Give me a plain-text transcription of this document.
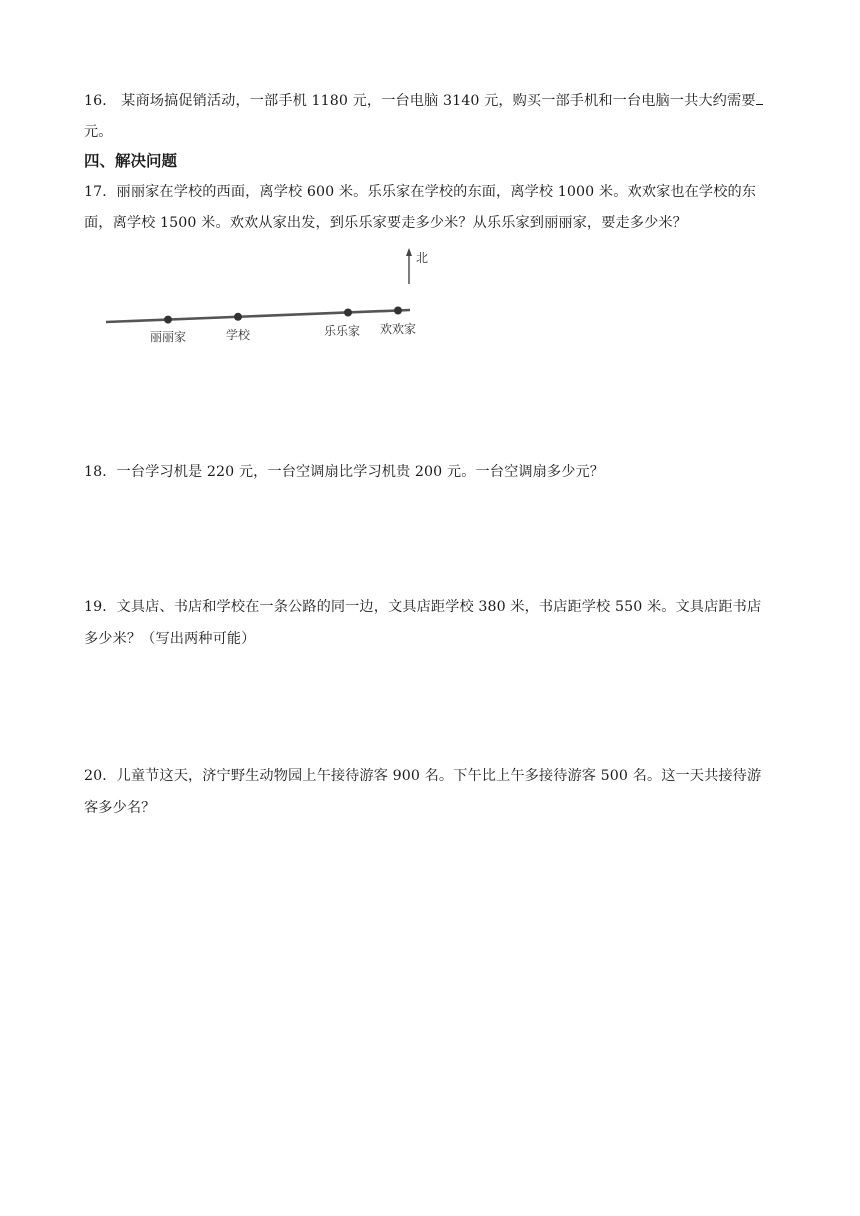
16． 某商场搞促销活动，一部手机 1180 元，一台电脑 3140 元，购买一部手机和一台电脑一共大约需要
元。
四、解决问题
17．丽丽家在学校的西面，离学校 600 米。乐乐家在学校的东面，离学校 1000 米。欢欢家也在学校的东
面，离学校 1500 米。欢欢从家出发，到乐乐家要走多少米？从乐乐家到丽丽家，要走多少米？
北
丽丽家	学校	乐乐家 欢欢家
18．一台学习机是 220 元，一台空调扇比学习机贵 200 元。一台空调扇多少元？
19．文具店、书店和学校在一条公路的同一边，文具店距学校 380 米，书店距学校 550 米。文具店距书店
多少米？（写出两种可能）
20．儿童节这天，济宁野生动物园上午接待游客 900 名。下午比上午多接待游客 500 名。这一天共接待游
客多少名？
